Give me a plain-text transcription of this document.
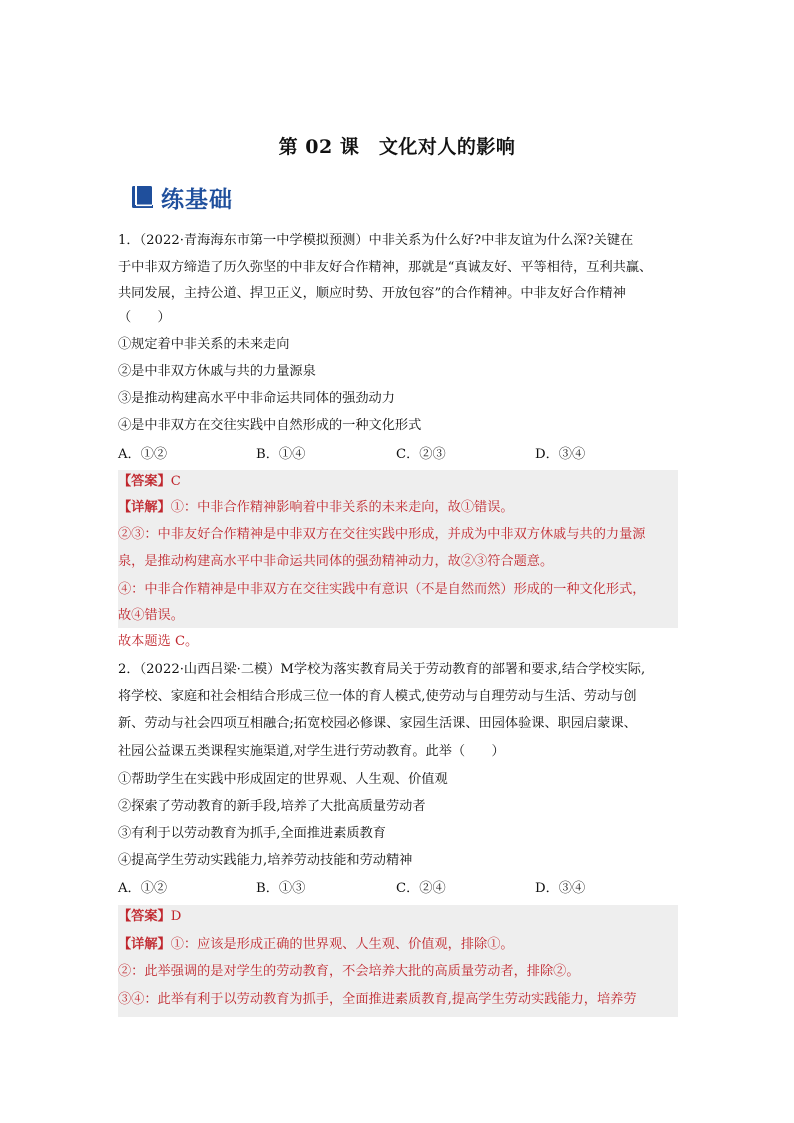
第 02 课　文化对人的影响
练基础
1．（2022·青海海东市第一中学模拟预测）中非关系为什么好?中非友谊为什么深?关键在
于中非双方缔造了历久弥坚的中非友好合作精神，那就是“真诚友好、平等相待，互利共赢、
共同发展，主持公道、捍卫正义，顺应时势、开放包容”的合作精神。中非友好合作精神
（　　）
①规定着中非关系的未来走向
②是中非双方休戚与共的力量源泉
③是推动构建高水平中非命运共同体的强劲动力
④是中非双方在交往实践中自然形成的一种文化形式
A．①②	B．①④	C．②③	D．③④
【答案】C
【详解】①：中非合作精神影响着中非关系的未来走向，故①错误。
②③：中非友好合作精神是中非双方在交往实践中形成，并成为中非双方休戚与共的力量源
泉，是推动构建高水平中非命运共同体的强劲精神动力，故②③符合题意。
④：中非合作精神是中非双方在交往实践中有意识（不是自然而然）形成的一种文化形式，
故④错误。
故本题选 C。
2．（2022·山西吕梁·二模）M学校为落实教育局关于劳动教育的部署和要求,结合学校实际,
将学校、家庭和社会相结合形成三位一体的育人模式,使劳动与自理劳动与生活、劳动与创
新、劳动与社会四项互相融合;拓宽校园必修课、家园生活课、田园体验课、职园启蒙课、
社园公益课五类课程实施渠道,对学生进行劳动教育。此举（　　）
①帮助学生在实践中形成固定的世界观、人生观、价值观
②探索了劳动教育的新手段,培养了大批高质量劳动者
③有利于以劳动教育为抓手,全面推进素质教育
④提高学生劳动实践能力,培养劳动技能和劳动精神
A．①②	B．①③	C．②④	D．③④
【答案】D
【详解】①：应该是形成正确的世界观、人生观、价值观，排除①。
②：此举强调的是对学生的劳动教育，不会培养大批的高质量劳动者，排除②。
③④：此举有利于以劳动教育为抓手，全面推进素质教育,提高学生劳动实践能力，培养劳
